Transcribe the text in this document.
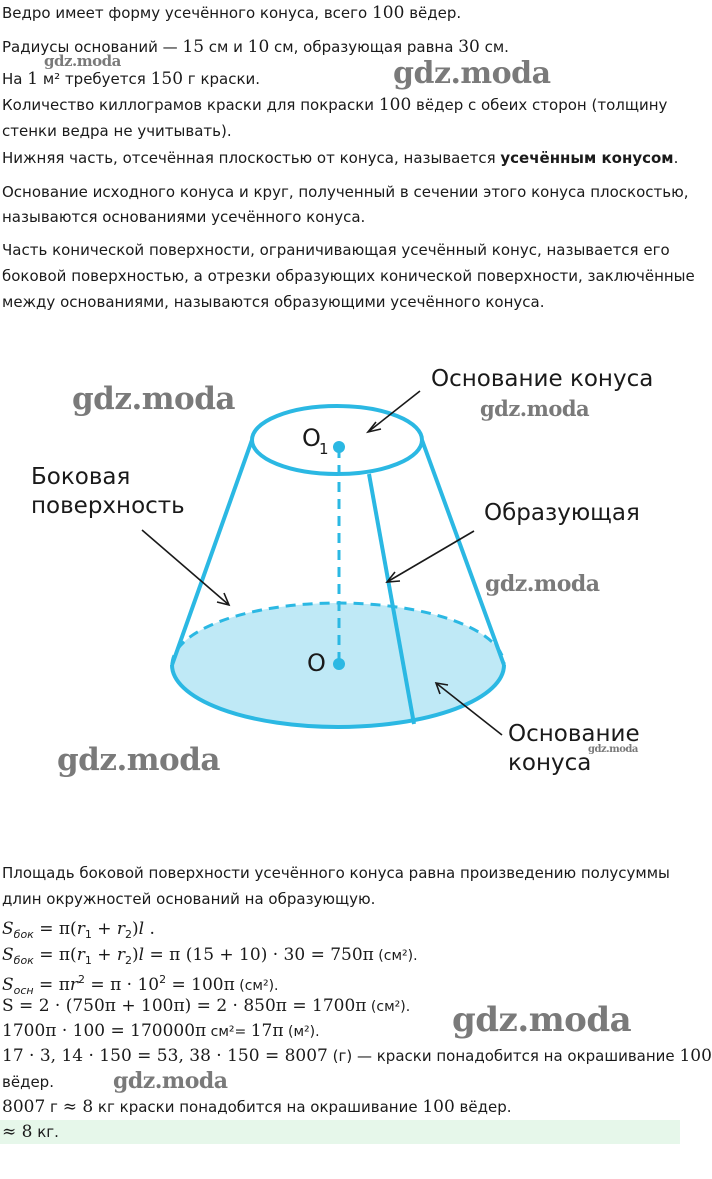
Ведро имеет форму усечённого конуса, всего 100 вёдер.
Радиусы оснований — 15 см и 10 см, образующая равна 30 см.
На 1 м² требуется 150 г краски.
Количество киллограмов краски для покраски 100 вёдер с обеих сторон (толщину
стенки ведра не учитывать).
Нижняя часть, отсечённая плоскостью от конуса, называется усечённым конусом.
Основание исходного конуса и круг, полученный в сечении этого конуса плоскостью,
называются основаниями усечённого конуса.
Часть конической поверхности, ограничивающая усечённый конус, называется его
боковой поверхностью, а отрезки образующих конической поверхности, заключённые
между основаниями, называются образующими усечённого конуса.
Основание конуса
Боковая
поверхность	Образующая
Основание
конуса
O
1
O
Площадь боковой поверхности усечённого конуса равна произведению полусуммы
длин окружностей оснований на образующую.
$S_{бок} = \pi(r_1 + r_2)l$ .
$S_{бок} = \pi(r_1 + r_2)l = \pi$ (15 + 10) · 30 = 750π (см²).
$S_{осн} = \pi r^2 = \pi \cdot 10^2 = 100\pi$ (см²).
S = 2 · (750π + 100π) = 2 · 850π = 1700π (см²).
1700π · 100 = 170000π см²= 17π (м²).
17 · 3, 14 · 150 = 53, 38 · 150 = 8007 (г) — краски понадобится на окрашивание 100
вёдер.
8007 г ≈ 8 кг краски понадобится на окрашивание 100 вёдер.
≈ 8 кг.
gdz.moda	gdz.moda
gdz.moda	gdz.moda
gdz.moda
gdz.moda	gdz.moda
gdz.moda
gdz.moda
